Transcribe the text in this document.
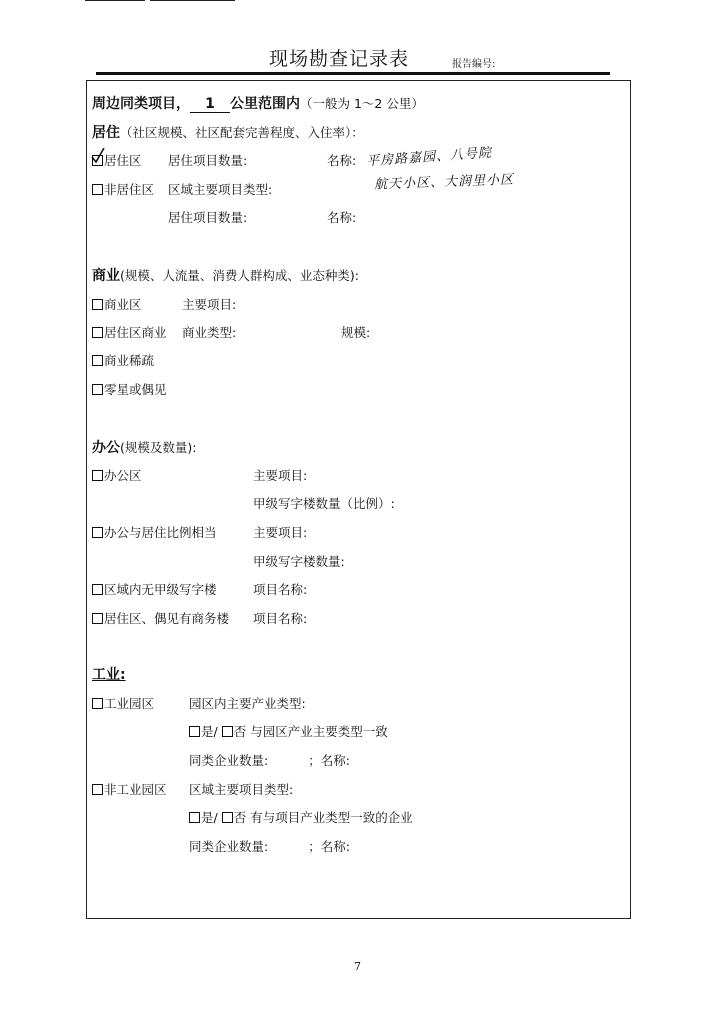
现场勘查记录表	报告编号:
周边同类项目， 1 公里范围内（一般为 1～2 公里）
居住（社区规模、社区配套完善程度、入住率）：
居住区 居住项目数量:	名称: 平房路嘉园、八号院
航天小区、大润里小区
非居住区 区域主要项目类型:
居住项目数量:	名称:
商业(规模、人流量、消费人群构成、业态种类):
商业区	主要项目:
居住区商业 商业类型:	规模:
商业稀疏
零星或偶见
办公(规模及数量):
办公区	主要项目:
甲级写字楼数量（比例）:
办公与居住比例相当	主要项目:
甲级写字楼数量:
区域内无甲级写字楼	项目名称:
居住区、偶见有商务楼 项目名称:
工业:
工业园区	园区内主要产业类型:
是/ 否 与园区产业主要类型一致
同类企业数量:	；名称:
非工业园区 区域主要项目类型:
是/ 否 有与项目产业类型一致的企业
同类企业数量:	；名称:
7
